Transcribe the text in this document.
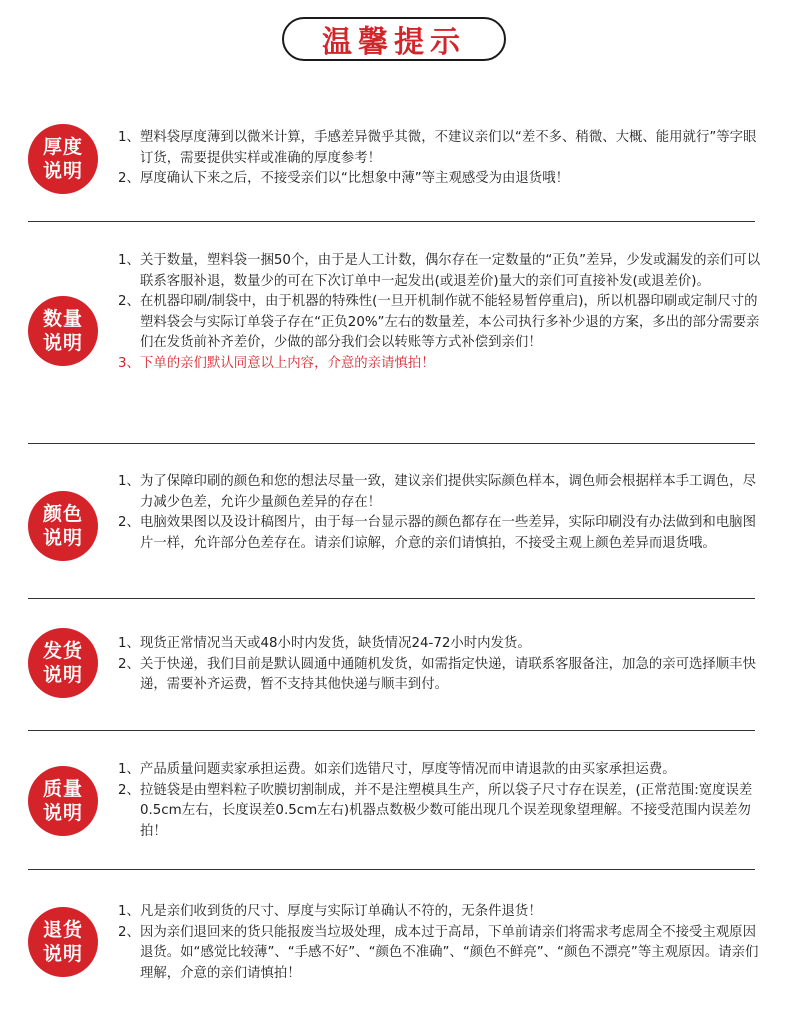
温馨提示
厚度
说明
1、 塑料袋厚度薄到以微米计算，手感差异微乎其微，不建议亲们以“差不多、稍微、大概、能用就行”等字眼订货，需要提供实样或准确的厚度参考！
2、 厚度确认下来之后，不接受亲们以“比想象中薄”等主观感受为由退货哦！
数量
说明
1、 关于数量，塑料袋一捆50个，由于是人工计数，偶尔存在一定数量的“正负”差异，少发或漏发的亲们可以联系客服补退，数量少的可在下次订单中一起发出(或退差价)量大的亲们可直接补发(或退差价)。
2、 在机器印刷/制袋中，由于机器的特殊性(一旦开机制作就不能轻易暂停重启)，所以机器印刷或定制尺寸的塑料袋会与实际订单袋子存在“正负20%”左右的数量差，本公司执行多补少退的方案，多出的部分需要亲们在发货前补齐差价，少做的部分我们会以转账等方式补偿到亲们！
3、 下单的亲们默认同意以上内容，介意的亲请慎拍！
颜色
说明
1、 为了保障印刷的颜色和您的想法尽量一致，建议亲们提供实际颜色样本，调色师会根据样本手工调色，尽力减少色差，允许少量颜色差异的存在！
2、 电脑效果图以及设计稿图片，由于每一台显示器的颜色都存在一些差异，实际印刷没有办法做到和电脑图片一样，允许部分色差存在。请亲们谅解，介意的亲们请慎拍，不接受主观上颜色差异而退货哦。
发货
说明
1、 现货正常情况当天或48小时内发货，缺货情况24-72小时内发货。
2、 关于快递，我们目前是默认圆通中通随机发货，如需指定快递，请联系客服备注，加急的亲可选择顺丰快递，需要补齐运费，暂不支持其他快递与顺丰到付。
质量
说明
1、 产品质量问题卖家承担运费。如亲们选错尺寸，厚度等情况而申请退款的由买家承担运费。
2、 拉链袋是由塑料粒子吹膜切割制成，并不是注塑模具生产，所以袋子尺寸存在误差，(正常范围:宽度误差0.5cm左右，长度误差0.5cm左右)机器点数极少数可能出现几个误差现象望理解。不接受范围内误差勿拍！
退货
说明
1、 凡是亲们收到货的尺寸、厚度与实际订单确认不符的，无条件退货！
2、 因为亲们退回来的货只能报废当垃圾处理，成本过于高昂，下单前请亲们将需求考虑周全不接受主观原因退货。如“感觉比较薄”、“手感不好”、“颜色不准确”、“颜色不鲜亮”、“颜色不漂亮”等主观原因。请亲们理解，介意的亲们请慎拍！
